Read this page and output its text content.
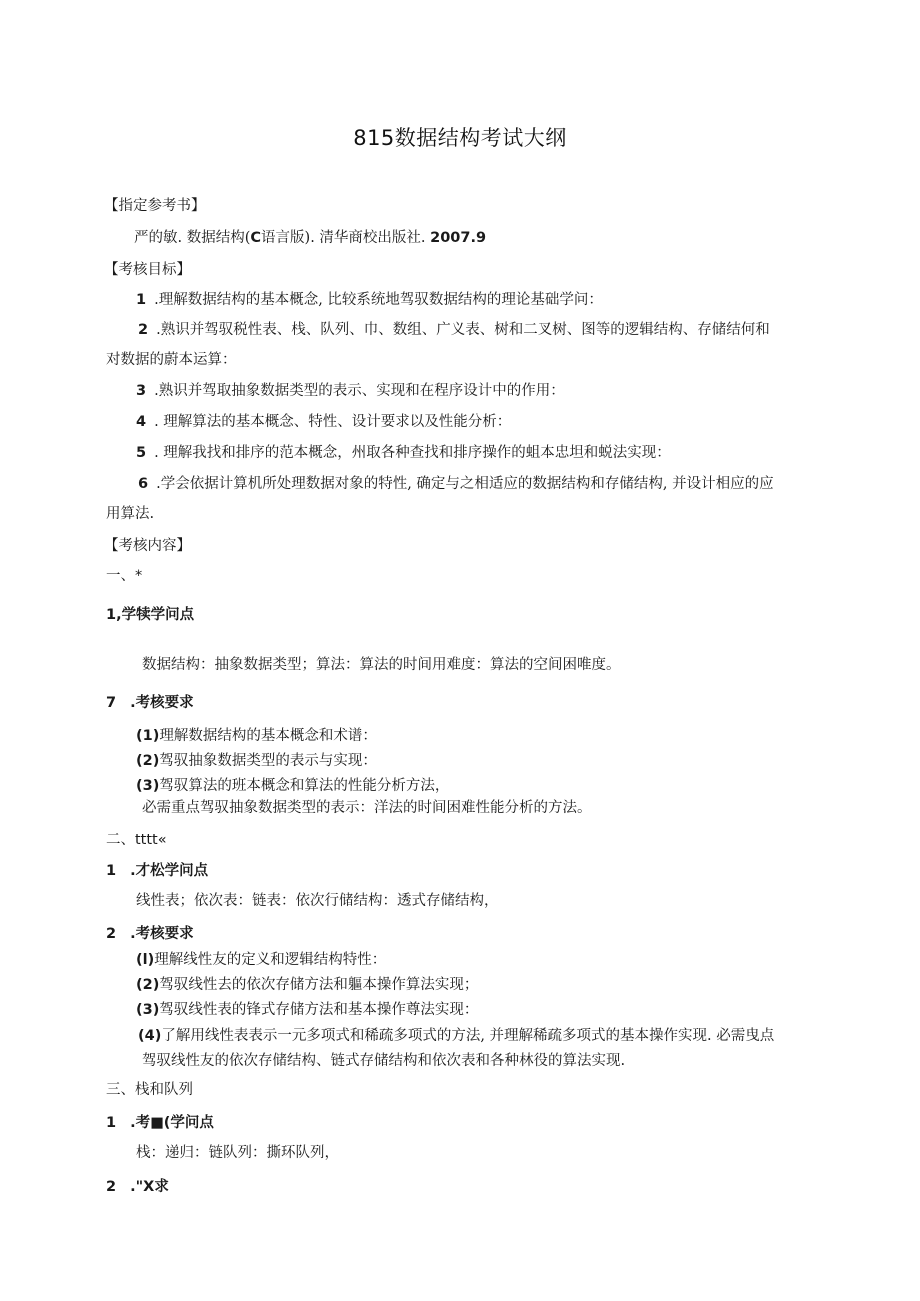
815数据结构考试大纲
【指定参考书】
严的敏. 数据结构(C语言版). 清华商校出版社. 2007.9
【考核目标】
1 .理解数据结构的基本概念, 比较系统地驾驭数据结构的理论基础学问：
2 .熟识并驾驭税性表、栈、队列、巾、数组、广义表、树和二叉树、图等的逻辑结构、存储结何和
对数据的蔚本运算：
3 .熟识并驾取抽象数据类型的表示、实现和在程序设计中的作用：
4 . 理解算法的基本概念、特性、设计要求以及性能分析：
5 . 理解我找和排序的范本概念，州取各种查找和排序操作的蛆本忠坦和蜕法实现：
6 .学会依据计算机所处理数据对象的特性, 确定与之相适应的数据结构和存储结构, 并设计相应的应
用算法.
【考核内容】
一、*
1,学犊学问点
数据结构：抽象数据类型；算法：算法的时间用难度：算法的空间困唯度。
7 .考核要求
(1)理解数据结构的基本概念和术谱：
(2)驾驭抽象数据类型的表示与实现：
(3)驾驭算法的班本概念和算法的性能分析方法，
必需重点驾驭抽象数据类型的表示：洋法的时间困难性能分析的方法。
二、tttt«
1 .才松学问点
线性表；依次表：链表：依次行储结构：透式存储结构，
2 .考核要求
(l)理解线性友的定义和逻辑结构特性：
(2)驾驭线性去的依次存储方法和軀本操作算法实现；
(3)驾驭线性表的锋式存储方法和基本操作尊法实现：
(4)了解用线性表表示一元多项式和稀疏多项式的方法, 并理解稀疏多项式的基本操作实现. 必需曳点
驾驭线性友的依次存储结构、链式存储结构和依次表和各种林役的算法实现.
三、栈和队列
1 .考■(学问点
栈：递归：链队列：撕环队列，
2 ."X求
